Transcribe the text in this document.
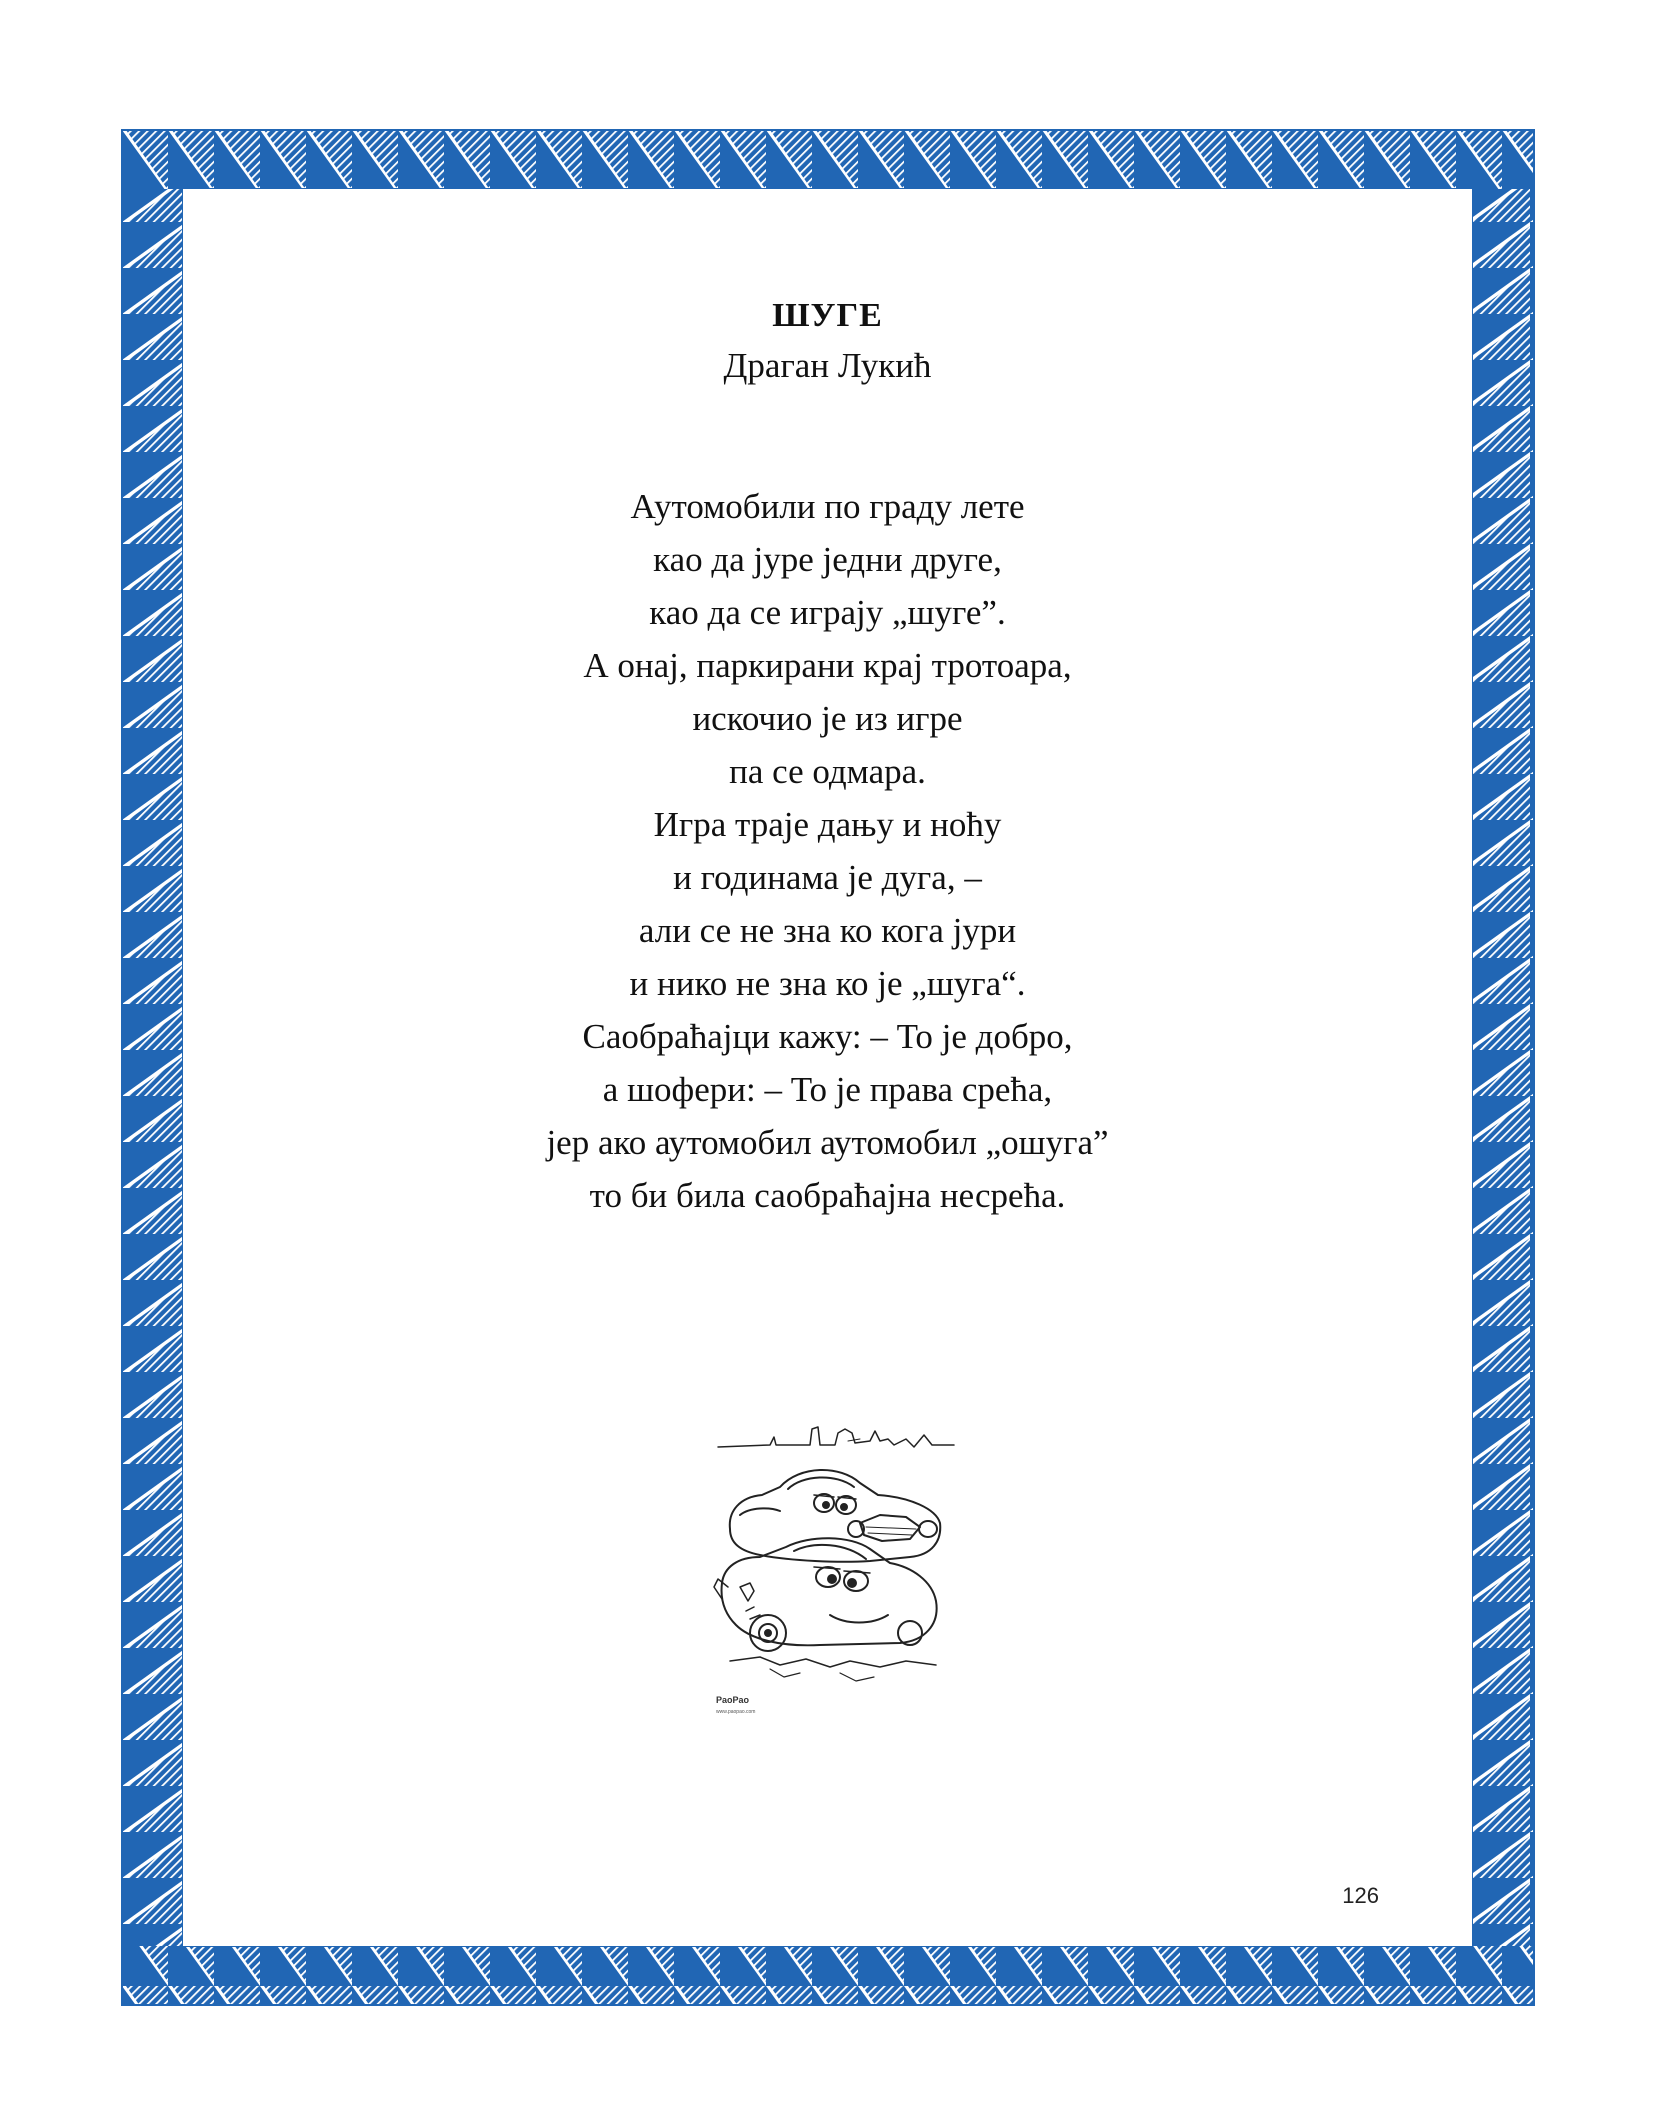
ШУГЕ
Драган Лукић
Аутомобили по граду лете
као да јуре једни друге,
као да се играју „шуге”.
А онај, паркирани крај тротоара,
искочио је из игре
па се одмара.
Игра траје дању и ноћу
и годинама је дуга, –
али се не зна ко кога јури
и нико не зна ко је „шуга“.
Саобраћајци кажу: – То је добро,
а шофери: – То је права срећа,
јер ако аутомобил аутомобил „ошуга”
то би била саобраћајна несрећа.
PaoPao
www.paopao.com
126
